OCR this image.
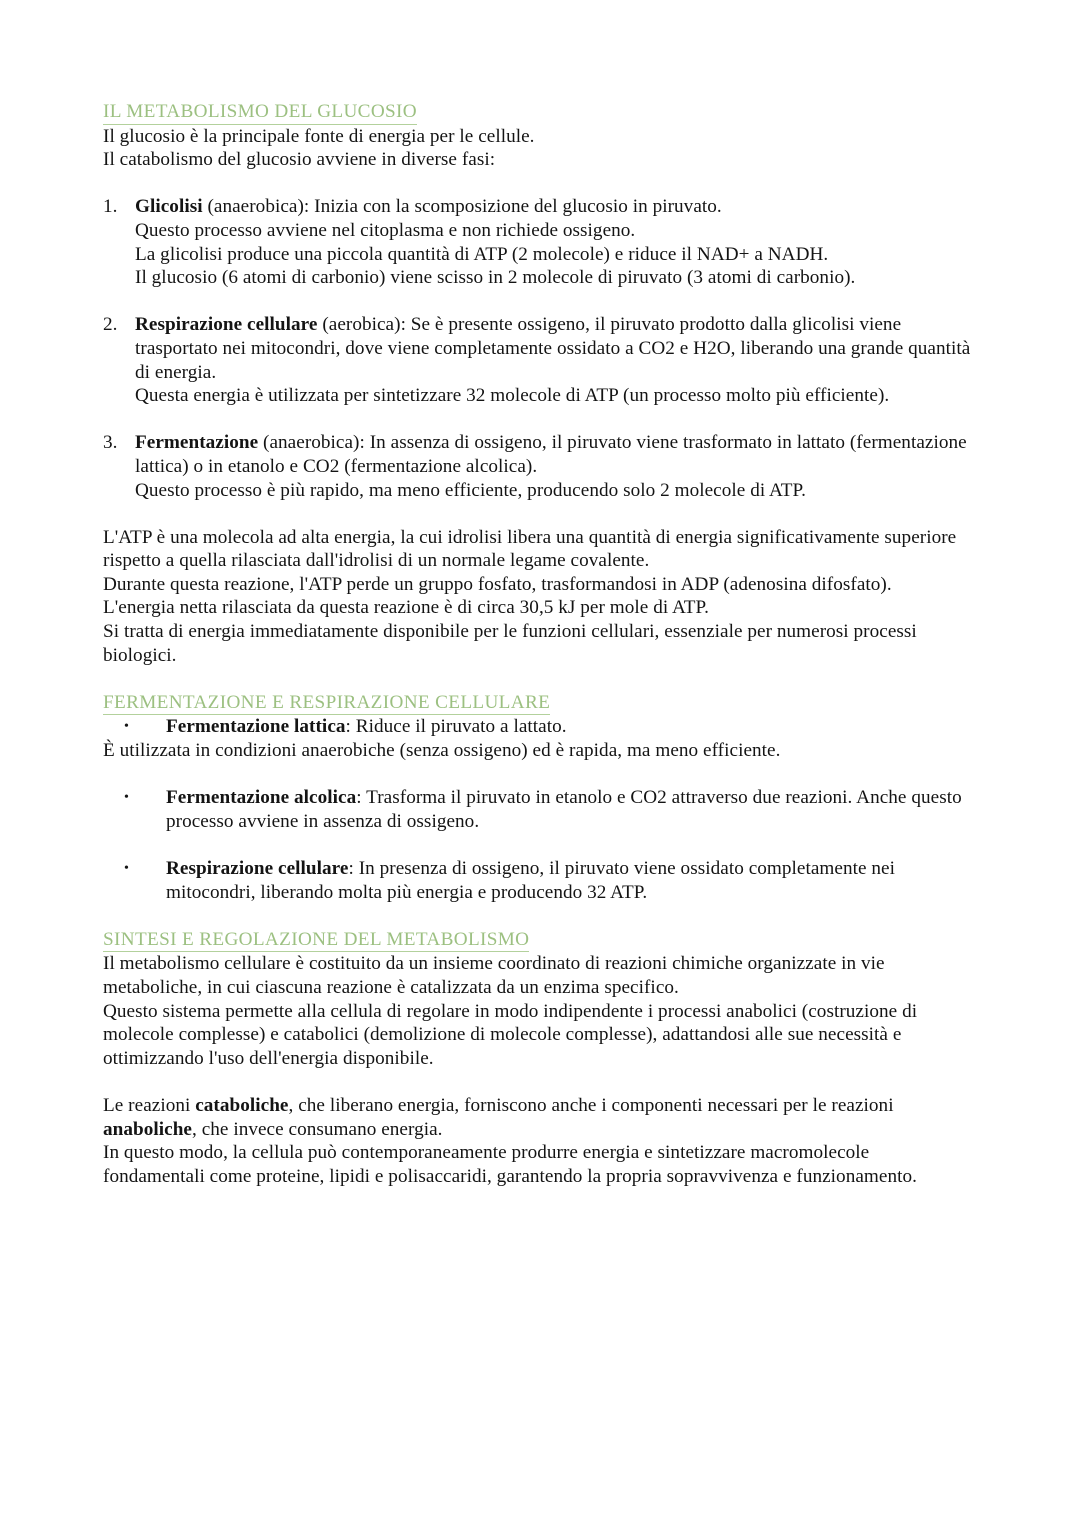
IL METABOLISMO DEL GLUCOSIO

Il glucosio è la principale fonte di energia per le cellule.

Il catabolismo del glucosio avviene in diverse fasi:

1. Glicolisi (anaerobica): Inizia con la scomposizione del glucosio in piruvato.
Questo processo avviene nel citoplasma e non richiede ossigeno.
La glicolisi produce una piccola quantità di ATP (2 molecole) e riduce il NAD+ a NADH.
Il glucosio (6 atomi di carbonio) viene scisso in 2 molecole di piruvato (3 atomi di carbonio).
2. Respirazione cellulare (aerobica): Se è presente ossigeno, il piruvato prodotto dalla glicolisi viene trasportato nei mitocondri, dove viene completamente ossidato a CO2 e H2O, liberando una grande quantità di energia.
Questa energia è utilizzata per sintetizzare 32 molecole di ATP (un processo molto più efficiente).
3. Fermentazione (anaerobica): In assenza di ossigeno, il piruvato viene trasformato in lattato (fermentazione lattica) o in etanolo e CO2 (fermentazione alcolica).
Questo processo è più rapido, ma meno efficiente, producendo solo 2 molecole di ATP.

L'ATP è una molecola ad alta energia, la cui idrolisi libera una quantità di energia significativamente superiore rispetto a quella rilasciata dall'idrolisi di un normale legame covalente.

Durante questa reazione, l'ATP perde un gruppo fosfato, trasformandosi in ADP (adenosina difosfato).

L'energia netta rilasciata da questa reazione è di circa 30,5 kJ per mole di ATP.

Si tratta di energia immediatamente disponibile per le funzioni cellulari, essenziale per numerosi processi biologici.

FERMENTAZIONE E RESPIRAZIONE CELLULARE
• Fermentazione lattica: Riduce il piruvato a lattato.

È utilizzata in condizioni anaerobiche (senza ossigeno) ed è rapida, ma meno efficiente.

• Fermentazione alcolica: Trasforma il piruvato in etanolo e CO2 attraverso due reazioni. Anche questo processo avviene in assenza di ossigeno.
• Respirazione cellulare: In presenza di ossigeno, il piruvato viene ossidato completamente nei mitocondri, liberando molta più energia e producendo 32 ATP.
SINTESI E REGOLAZIONE DEL METABOLISMO

Il metabolismo cellulare è costituito da un insieme coordinato di reazioni chimiche organizzate in vie metaboliche, in cui ciascuna reazione è catalizzata da un enzima specifico.

Questo sistema permette alla cellula di regolare in modo indipendente i processi anabolici (costruzione di molecole complesse) e catabolici (demolizione di molecole complesse), adattandosi alle sue necessità e ottimizzando l'uso dell'energia disponibile.

Le reazioni cataboliche, che liberano energia, forniscono anche i componenti necessari per le reazioni anaboliche, che invece consumano energia.

In questo modo, la cellula può contemporaneamente produrre energia e sintetizzare macromolecole fondamentali come proteine, lipidi e polisaccaridi, garantendo la propria sopravvivenza e funzionamento.
